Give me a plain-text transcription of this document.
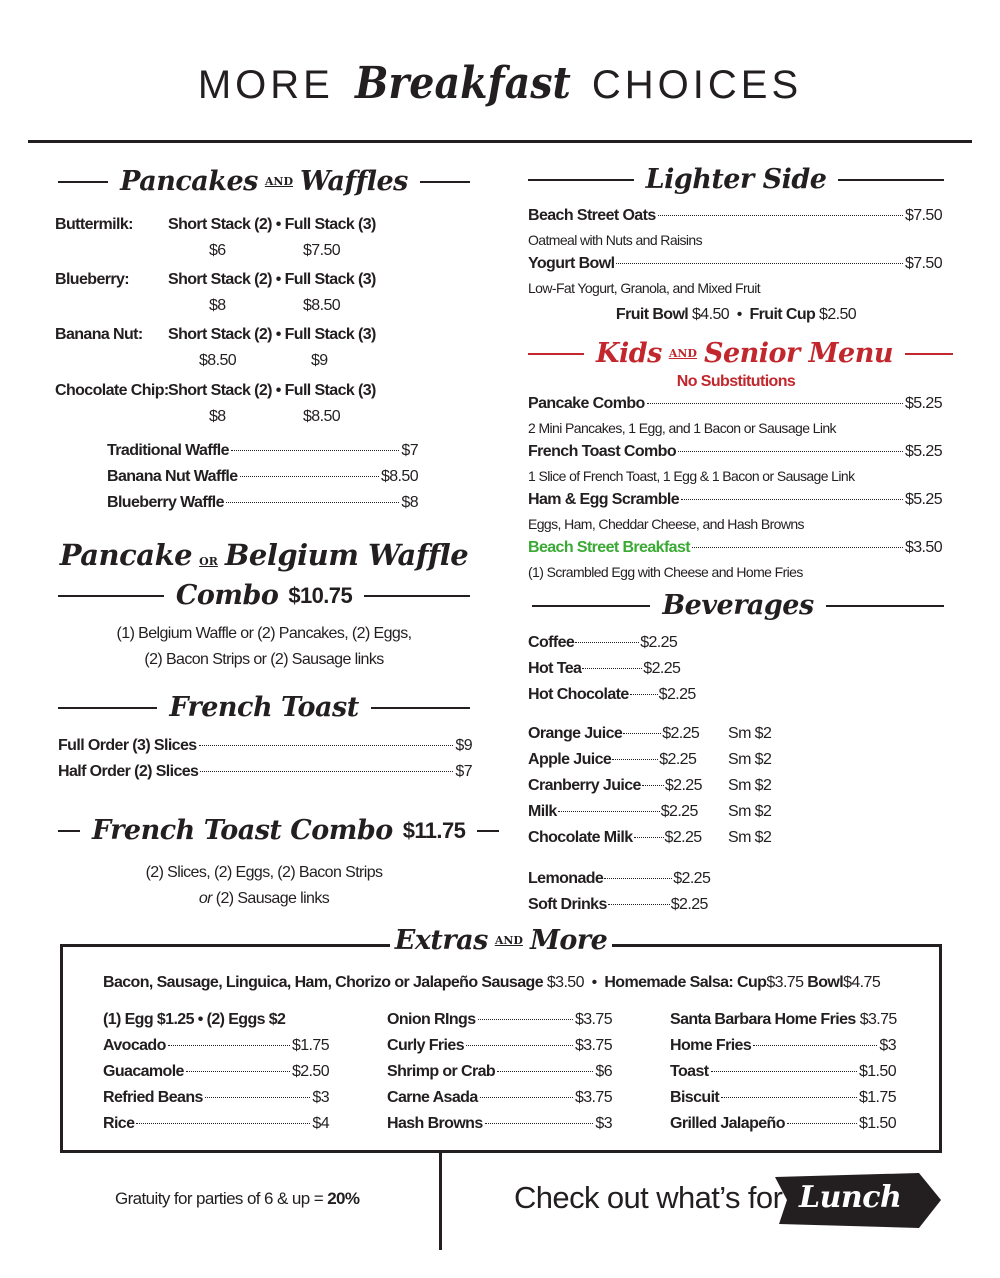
MORE Breakfast CHOICES
Pancakes AND Waffles
Buttermilk: Short Stack (2) • Full Stack (3)
$6	$7.50
Blueberry: Short Stack (2) • Full Stack (3)
$8	$8.50
Banana Nut: Short Stack (2) • Full Stack (3)
$8.50	$9
Chocolate Chip: Short Stack (2) • Full Stack (3)
$8	$8.50
Traditional Waffle	$7
Banana Nut Waffle	$8.50
Blueberry Waffle	$8
Pancake OR Belgium Waffle
Combo $10.75
(1) Belgium Waffle or (2) Pancakes, (2) Eggs,
(2) Bacon Strips or (2) Sausage links
French Toast
Full Order (3) Slices	$9
Half Order (2) Slices	$7
French Toast Combo $11.75
(2) Slices, (2) Eggs, (2) Bacon Strips
or (2) Sausage links
Lighter Side
Beach Street Oats	$7.50
Oatmeal with Nuts and Raisins
Yogurt Bowl	$7.50
Low-Fat Yogurt, Granola, and Mixed Fruit
Fruit Bowl $4.50  •  Fruit Cup $2.50
Kids AND Senior Menu
No Substitutions
Pancake Combo	$5.25
2 Mini Pancakes, 1 Egg, and 1 Bacon or Sausage Link
French Toast Combo	$5.25
1 Slice of French Toast, 1 Egg & 1 Bacon or Sausage Link
Ham & Egg Scramble	$5.25
Eggs, Ham, Cheddar Cheese, and Hash Browns
Beach Street Breakfast	$3.50
(1) Scrambled Egg with Cheese and Home Fries
Beverages
Coffee	$2.25
Hot Tea	$2.25
Hot Chocolate $2.25
Orange Juice	$2.25 Sm $2
Apple Juice	$2.25 Sm $2
Cranberry Juice $2.25 Sm $2
Milk	$2.25 Sm $2
Chocolate Milk $2.25 Sm $2
Lemonade	$2.25
Soft Drinks	$2.25
Extras AND More
Bacon, Sausage, Linguica, Ham, Chorizo or Jalapeño Sausage $3.50  •  Homemade Salsa: Cup$3.75 Bowl$4.75
(1) Egg $1.25 • (2) Eggs $2
Avocado	$1.75
Guacamole	$2.50
Refried Beans	$3
Rice	$4
Onion RIngs	$3.75
Curly Fries	$3.75
Shrimp or Crab	$6
Carne Asada	$3.75
Hash Browns	$3
Santa Barbara Home Fries $3.75
Home Fries	$3
Toast	$1.50
Biscuit	$1.75
Grilled Jalapeño	$1.50
Gratuity for parties of 6 & up = 20%	Check out what’s for Lunch
